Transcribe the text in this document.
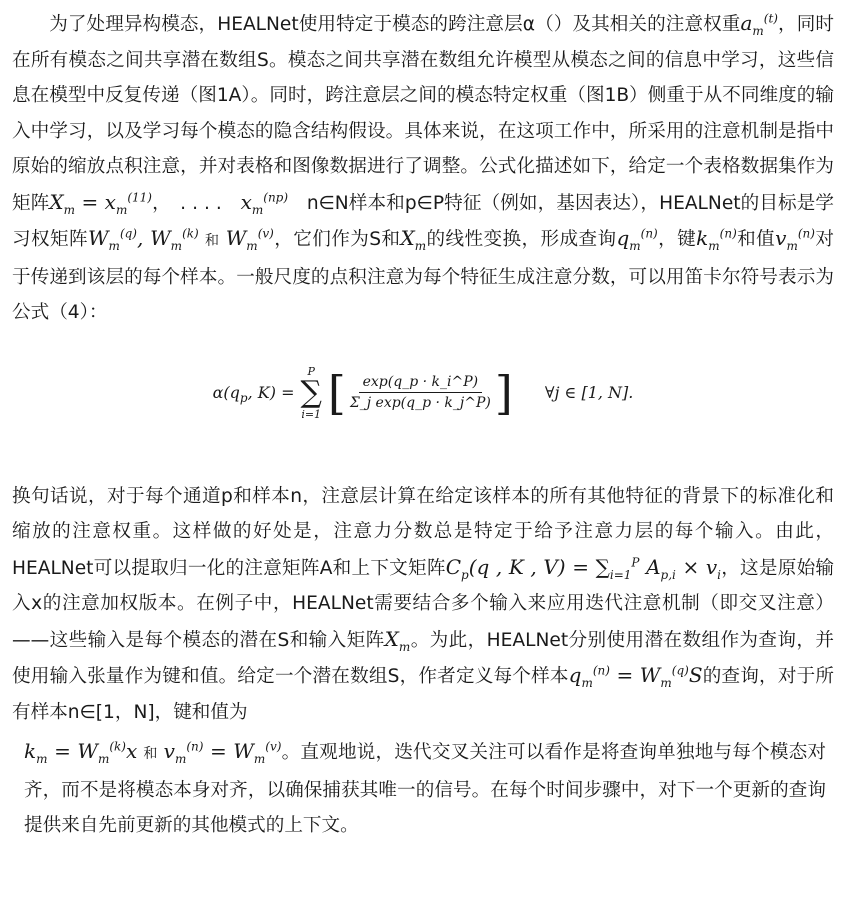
为了处理异构模态，HEALNet使用特定于模态的跨注意层α（）及其相关的注意权重$a_m^{(t)}$，同时在所有模态之间共享潜在数组S。模态之间共享潜在数组允许模型从模态之间的信息中学习，这些信息在模型中反复传递（图1A）。同时，跨注意层之间的模态特定权重（图1B）侧重于从不同维度的输入中学习，以及学习每个模态的隐含结构假设。具体来说，在这项工作中，所采用的注意机制是指中原始的缩放点积注意，并对表格和图像数据进行了调整。公式化描述如下，给定一个表格数据集作为矩阵$X_m = x_m^{(11)}$，　. . . .　$x_m^{(np)}$　n∈N样本和p∈P特征（例如，基因表达），HEALNet的目标是学习权矩阵$W_m^{(q)}$, $W_m^{(k)}$ 和 $W_m^{(v)}$，它们作为S和$X_m$的线性变换，形成查询$q_m^{(n)}$，键$k_m^{(n)}$和值$v_m^{(n)}$对于传递到该层的每个样本。一般尺度的点积注意为每个特征生成注意分数，可以用笛卡尔符号表示为公式（4）：

$\alpha(q_p$, K) =
P
∑
i=1 [ $\frac{\exp(q\_p \cdot k\_i\^{}P)}{\text{Σ\_j exp(q\_p · k\_j\textasciicircum{}P)}}$ ] ∀j ∈ [1, N].

换句话说，对于每个通道p和样本n，注意层计算在给定该样本的所有其他特征的背景下的标准化和缩放的注意权重。这样做的好处是，注意力分数总是特定于给予注意力层的每个输入。由此，HEALNet可以提取归一化的注意矩阵A和上下文矩阵$C_p(q$ , K , $V) = \sum_{i=1}^P$ $A_{p,i} \times v_i$，这是原始输入x的注意加权版本。在例子中，HEALNet需要结合多个输入来应用迭代注意机制（即交叉注意）——这些输入是每个模态的潜在S和输入矩阵$X_m$。为此，HEALNet分别使用潜在数组作为查询，并使用输入张量作为键和值。给定一个潜在数组S，作者定义每个样本$q_m^{(n)} = W_m^{(q)}S$的查询，对于所有样本n∈[1，N]，键和值为

$k_m = W_m^{(k)}x$ 和 $v_m^{(n)} = W_m^{(v)}$。直观地说，迭代交叉关注可以看作是将查询单独地与每个模态对齐，而不是将模态本身对齐，以确保捕获其唯一的信号。在每个时间步骤中，对下一个更新的查询提供来自先前更新的其他模式的上下文。
